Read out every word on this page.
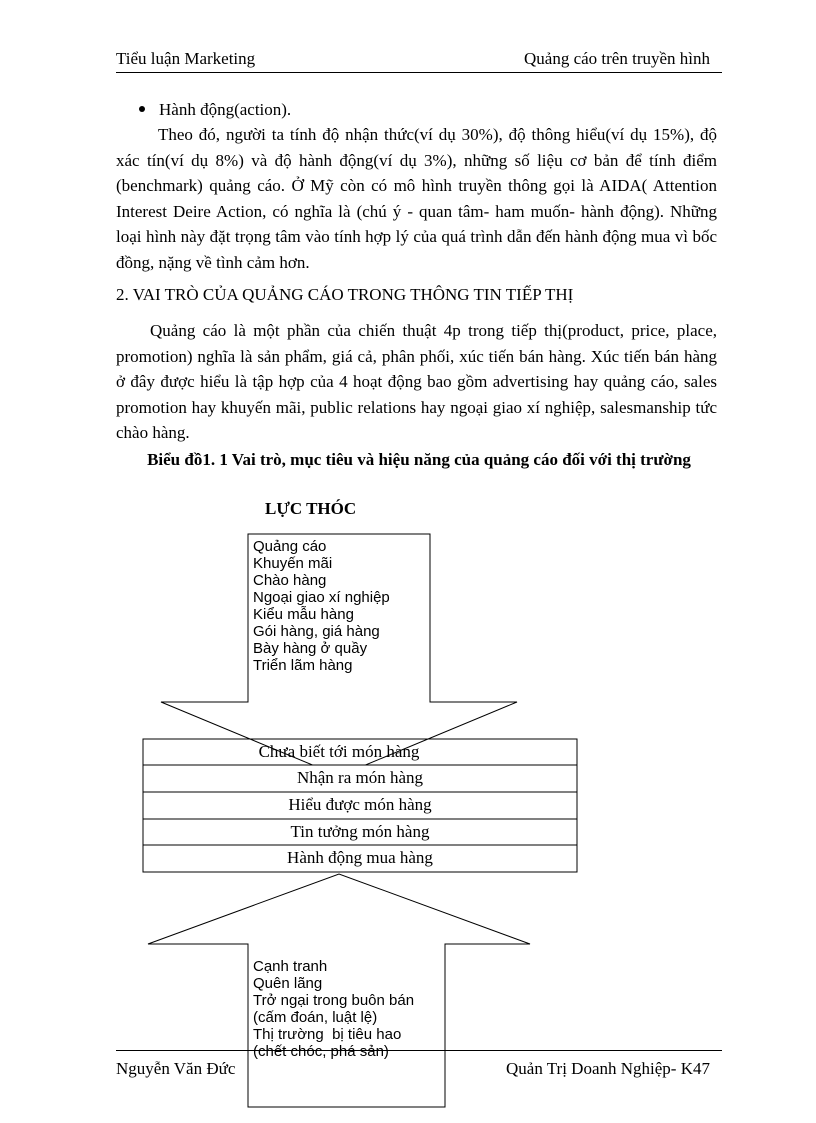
Tiểu luận Marketing	Quảng cáo trên truyền hình
Hành động(action).

Theo đó, người ta tính độ nhận thức(ví dụ 30%), độ thông hiểu(ví dụ 15%), độ xác tín(ví dụ 8%) và độ hành động(ví dụ 3%), những số liệu cơ bản để tính điểm (benchmark) quảng cáo. Ở Mỹ còn có mô hình truyền thông gọi là AIDA( Attention Interest Deire Action, có nghĩa là (chú ý - quan tâm- ham muốn- hành động). Những loại hình này đặt trọng tâm vào tính hợp lý của quá trình dẫn đến hành động mua vì bốc đồng, nặng về tình cảm hơn.

2. VAI TRÒ CỦA QUẢNG CÁO TRONG THÔNG TIN TIẾP THỊ

Quảng cáo là một phần của chiến thuật 4p trong tiếp thị(product, price, place, promotion) nghĩa là sản phẩm, giá cả, phân phối, xúc tiến bán hàng. Xúc tiến bán hàng ở đây được hiểu là tập hợp của 4 hoạt động bao gồm advertising hay quảng cáo, sales promotion hay khuyến mãi, public relations hay ngoại giao xí nghiệp, salesmanship tức chào hàng.

Biểu đồ1. 1 Vai trò, mục tiêu và hiệu năng của quảng cáo đối với thị trường
LỰC THÓC
Quảng cáo
Khuyến mãi
Chào hàng
Ngoại giao xí nghiệp
Kiểu mẫu hàng
Gói hàng, giá hàng
Bày hàng ở quầy
Triển lãm hàng
Chưa biết tới món hàng
Nhận ra món hàng
Hiểu được món hàng
Tin tưởng món hàng
Hành động mua hàng
Cạnh tranh
Quên lãng
Trở ngại trong buôn bán
(cấm đoán, luật lệ)
Thị trường  bị tiêu hao
(chết chóc, phá sản)
Nguyễn Văn Đức	Quản Trị Doanh Nghiệp- K47
